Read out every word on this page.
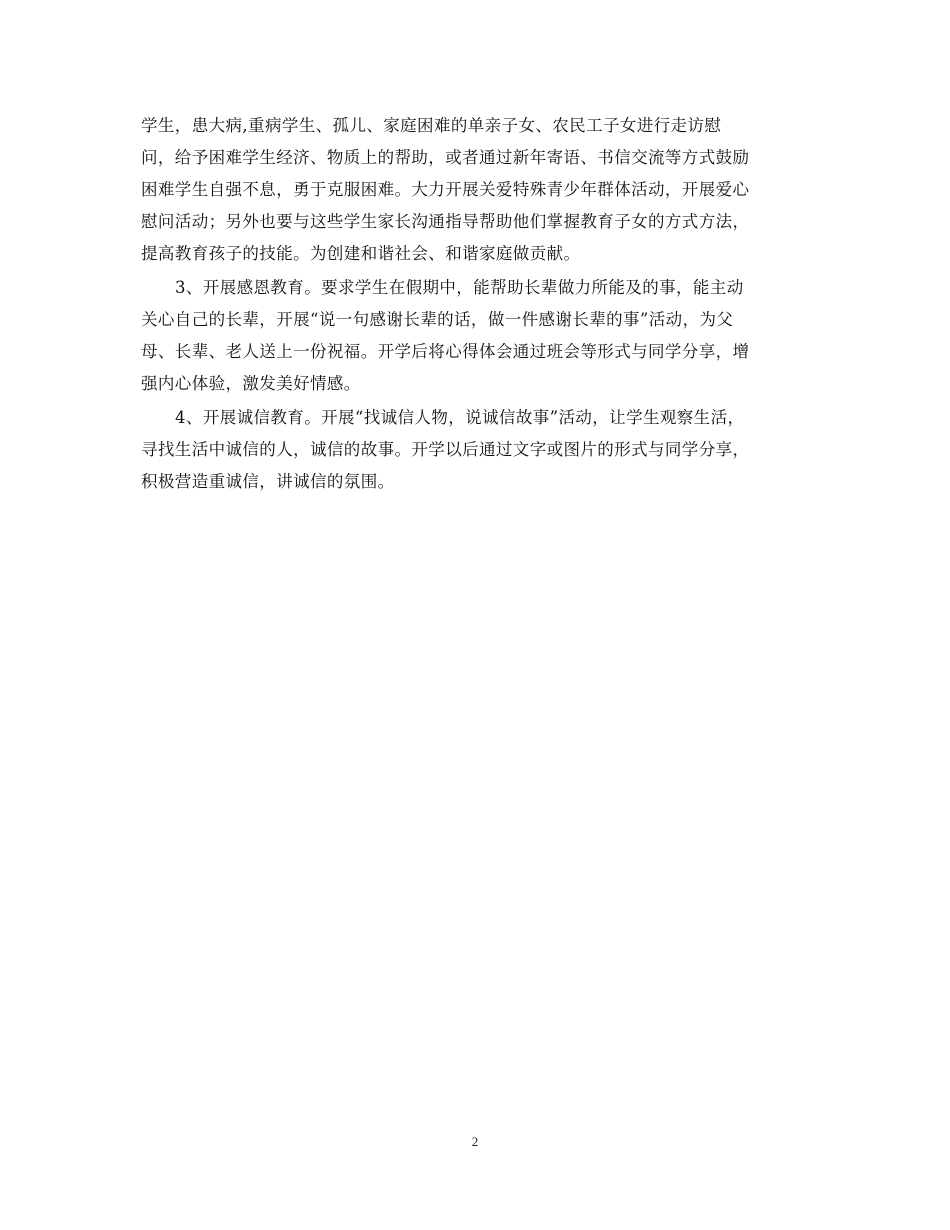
学生，患大病,重病学生、孤儿、家庭困难的单亲子女、农民工子女进行走访慰
问，给予困难学生经济、物质上的帮助，或者通过新年寄语、书信交流等方式鼓励
困难学生自强不息，勇于克服困难。大力开展关爱特殊青少年群体活动，开展爱心
慰问活动；另外也要与这些学生家长沟通指导帮助他们掌握教育子女的方式方法，
提高教育孩子的技能。为创建和谐社会、和谐家庭做贡献。
3、开展感恩教育。要求学生在假期中，能帮助长辈做力所能及的事，能主动
关心自己的长辈，开展“说一句感谢长辈的话，做一件感谢长辈的事”活动，为父
母、长辈、老人送上一份祝福。开学后将心得体会通过班会等形式与同学分享，增
强内心体验，激发美好情感。
4、开展诚信教育。开展“找诚信人物，说诚信故事”活动，让学生观察生活，
寻找生活中诚信的人，诚信的故事。开学以后通过文字或图片的形式与同学分享，
积极营造重诚信，讲诚信的氛围。
2
